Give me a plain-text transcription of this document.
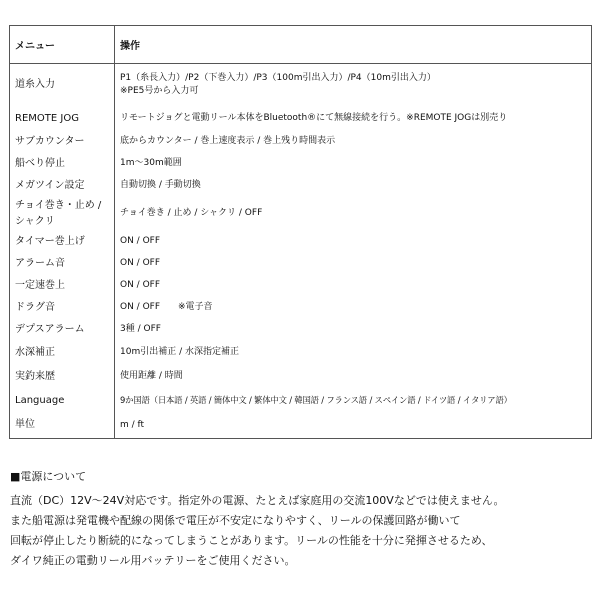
メニュー	操作
道糸入力	P1（糸長入力）/P2（下巻入力）/P3（100m引出入力）/P4（10m引出入力）
※PE5号から入力可

REMOTE JOG	リモートジョグと電動リール本体をBluetooth®にて無線接続を行う。※REMOTE JOGは別売り
サブカウンター	底からカウンター / 巻上速度表示 / 巻上残り時間表示
船べり停止	1m〜30m範囲
メガツイン設定	自動切換 / 手動切換

チョイ巻き・止め /
シャクリ	チョイ巻き / 止め / シャクリ / OFF
タイマー巻上げ	ON / OFF
アラーム音	ON / OFF
一定速巻上	ON / OFF
ドラグ音	ON / OFF ※電子音
デプスアラーム	3種 / OFF
水深補正	10m引出補正 / 水深指定補正
実釣来歴	使用距離 / 時間
Language	9か国語（日本語 / 英語 / 簡体中文 / 繁体中文 / 韓国語 / フランス語 / スペイン語 / ドイツ語 / イタリア語）
単位	m / ft
■電源について
直流（DC）12V〜24V対応です。指定外の電源、たとえば家庭用の交流100Vなどでは使えません。
また船電源は発電機や配線の関係で電圧が不安定になりやすく、リールの保護回路が働いて
回転が停止したり断続的になってしまうことがあります。リールの性能を十分に発揮させるため、
ダイワ純正の電動リール用バッテリーをご使用ください。
